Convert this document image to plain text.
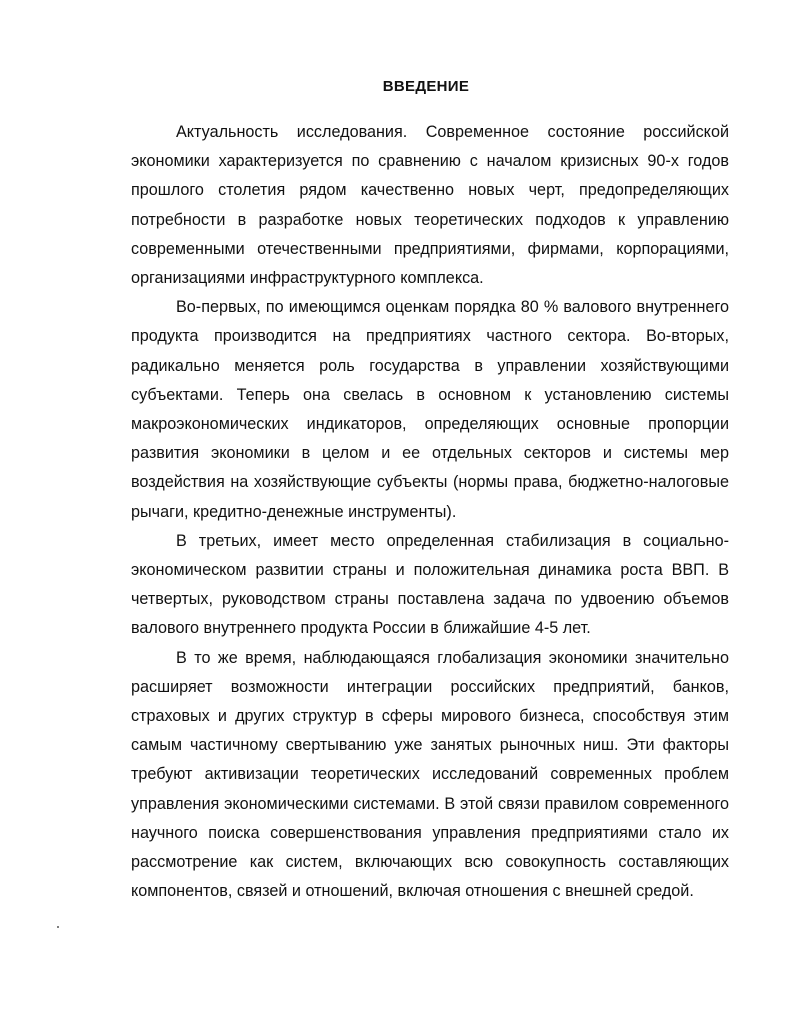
ВВЕДЕНИЕ

Актуальность исследования. Современное состояние российской экономики характеризуется по сравнению с началом кризисных 90-х годов прошлого столетия рядом качественно новых черт, предопределяющих потребности в разработке новых теоретических подходов к управлению современными отечественными предприятиями, фирмами, корпорациями, организациями инфраструктурного комплекса.

Во-первых, по имеющимся оценкам порядка 80 % валового внутреннего продукта производится на предприятиях частного сектора. Во-вторых, радикально меняется роль государства в управлении хозяйствующими субъектами. Теперь она свелась в основном к установлению системы макроэкономических индикаторов, определяющих основные пропорции развития экономики в целом и ее отдельных секторов и системы мер воздействия на хозяйствующие субъекты (нормы права, бюджетно-налоговые рычаги, кредитно-денежные инструменты).

В третьих, имеет место определенная стабилизация в социально-экономическом развитии страны и положительная динамика роста ВВП. В четвертых, руководством страны поставлена задача по удвоению объемов валового внутреннего продукта России в ближайшие 4-5 лет.

В то же время, наблюдающаяся глобализация экономики значительно расширяет возможности интеграции российских предприятий, банков, страховых и других структур в сферы мирового бизнеса, способствуя этим самым частичному свертыванию уже занятых рыночных ниш. Эти факторы требуют активизации теоретических исследований современных проблем управления экономическими системами. В этой связи правилом современного научного поиска совершенствования управления предприятиями стало их рассмотрение как систем, включающих всю совокупность составляющих компонентов, связей и отношений, включая отношения с внешней средой.
